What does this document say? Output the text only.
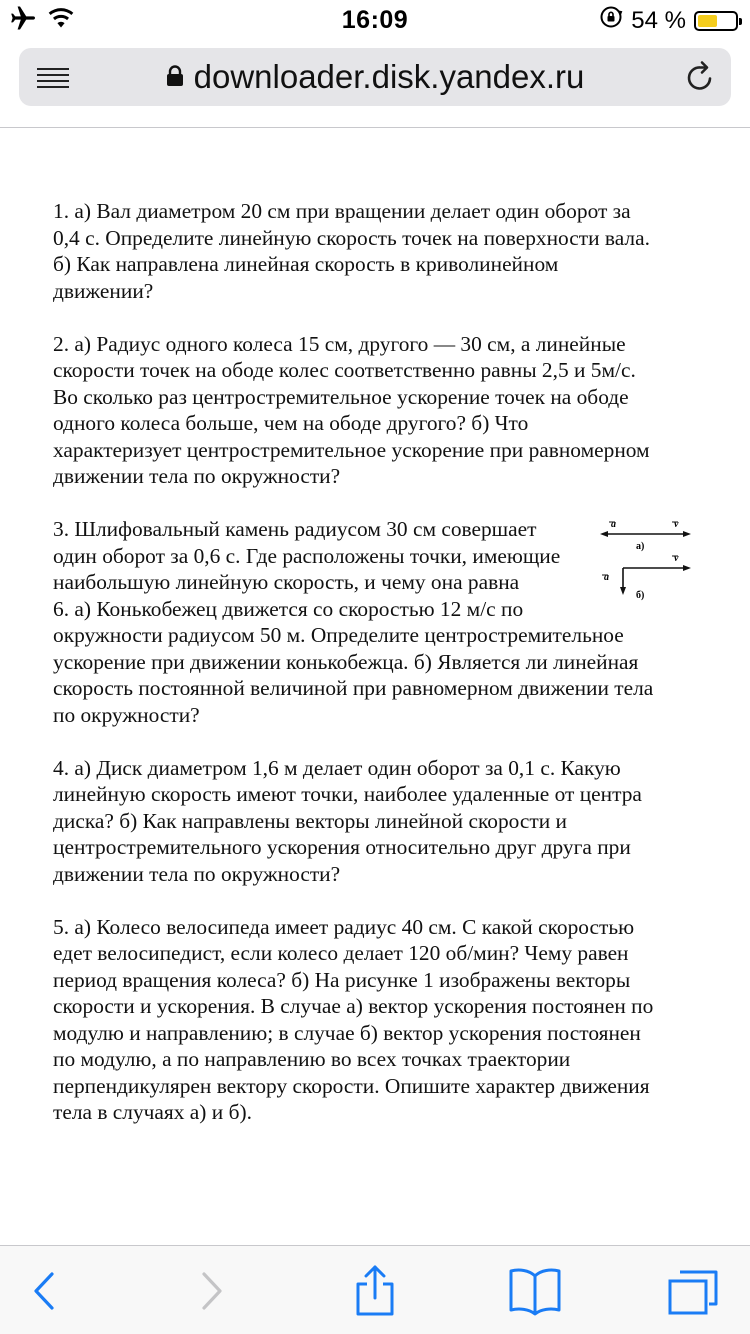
16:09	54 %
downloader.disk.yandex.ru

1. а) Вал диаметром 20 см при вращении делает один оборот за
0,4 с. Определите линейную скорость точек на поверхности вала.
б) Как направлена линейная скорость в криволинейном
движении?

2. а) Радиус одного колеса 15 см, другого — 30 см, а линейные
скорости точек на ободе колес соответственно равны 2,5 и 5м/с.
Во сколько раз центростремительное ускорение точек на ободе
одного колеса больше, чем на ободе другого? б) Что
характеризует центростремительное ускорение при равномерном
движении тела по окружности?

3. Шлифовальный камень радиусом 30 см совершает
один оборот за 0,6 с. Где расположены точки, имеющие
наибольшую линейную скорость, и чему она равна
6. а) Конькобежец движется со скоростью 12 м/с по
окружности радиусом 50 м. Определите центростремительное
ускорение при движении конькобежца. б) Является ли линейная
скорость постоянной величиной при равномерном движении тела
по окружности?

a	v
а)
v
a
б)

4. а) Диск диаметром 1,6 м делает один оборот за 0,1 с. Какую
линейную скорость имеют точки, наиболее удаленные от центра
диска? б) Как направлены векторы линейной скорости и
центростремительного ускорения относительно друг друга при
движении тела по окружности?

5. а) Колесо велосипеда имеет радиус 40 см. С какой скоростью
едет велосипедист, если колесо делает 120 об/мин? Чему равен
период вращения колеса? б) На рисунке 1 изображены векторы
скорости и ускорения. В случае а) вектор ускорения постоянен по
модулю и направлению; в случае б) вектор ускорения постоянен
по модулю, а по направлению во всех точках траектории
перпендикулярен вектору скорости. Опишите характер движения
тела в случаях а) и б).
